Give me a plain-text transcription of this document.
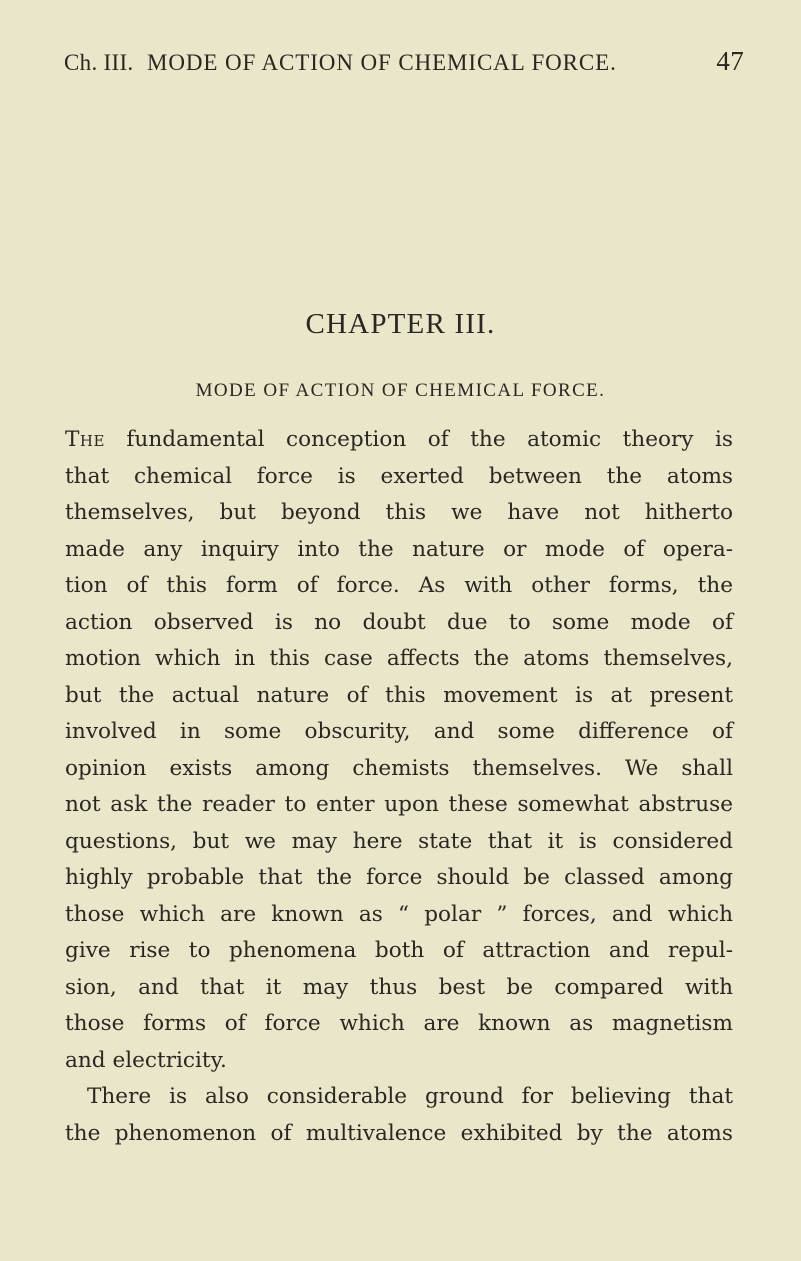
Ch. III. MODE OF ACTION OF CHEMICAL FORCE.	47
CHAPTER III.
MODE OF ACTION OF CHEMICAL FORCE.
The fundamental conception of the atomic theory is
that chemical force is exerted between the atoms
themselves, but beyond this we have not hitherto
made any inquiry into the nature or mode of opera-
tion of this form of force. As with other forms, the
action observed is no doubt due to some mode of
motion which in this case affects the atoms themselves,
but the actual nature of this movement is at present
involved in some obscurity, and some difference of
opinion exists among chemists themselves. We shall
not ask the reader to enter upon these somewhat abstruse
questions, but we may here state that it is considered
highly probable that the force should be classed among
those which are known as “ polar ” forces, and which
give rise to phenomena both of attraction and repul-
sion, and that it may thus best be compared with
those forms of force which are known as magnetism
and electricity.
There is also considerable ground for believing that
the phenomenon of multivalence exhibited by the atoms
